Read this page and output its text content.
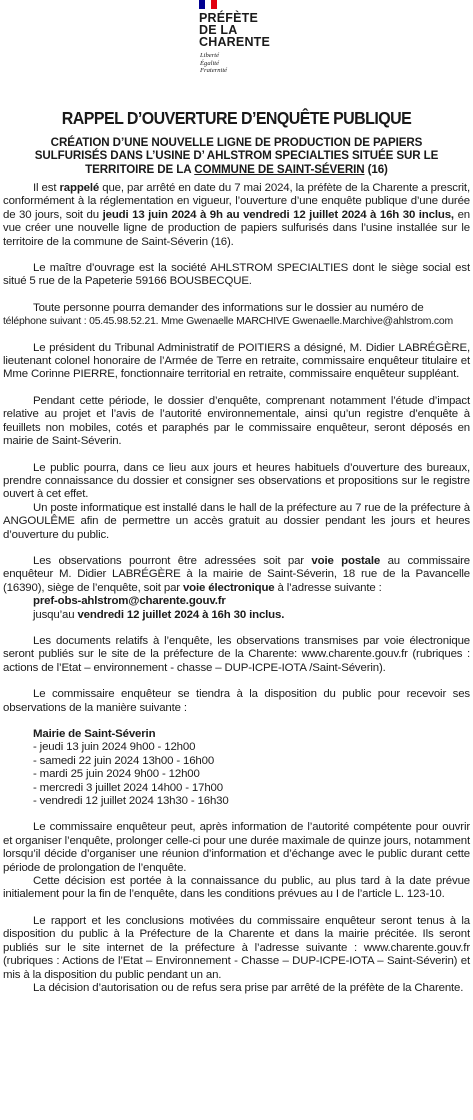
PRÉFÈTE
DE LA
CHARENTE
Liberté
Égalité
Fraternité
RAPPEL D’OUVERTURE D’ENQUÊTE PUBLIQUE

CRÉATION D’UNE NOUVELLE LIGNE DE PRODUCTION DE PAPIERS
SULFURISÉS DANS L’USINE D’ AHLSTROM SPECIALTIES SITUÉE SUR LE
TERRITOIRE DE LA COMMUNE DE SAINT-SÉVERIN (16)

Il est rappelé que, par arrêté en date du 7 mai 2024, la préfète de la Charente a prescrit, conformément à la réglementation en vigueur, l’ouverture d’une enquête publique d’une durée de 30 jours, soit du jeudi 13 juin 2024 à 9h au vendredi 12 juillet 2024 à 16h 30 inclus, en vue créer une nouvelle ligne de production de papiers sulfurisés dans l’usine installée sur le territoire de la commune de Saint-Séverin (16).

Le maître d’ouvrage est la société AHLSTROM SPECIALTIES dont le siège social est situé 5 rue de la Papeterie 59166 BOUSBECQUE.

Toute personne pourra demander des informations sur le dossier au numéro de
téléphone suivant : 05.45.98.52.21. Mme Gwenaelle MARCHIVE Gwenaelle.Marchive@ahlstrom.com

Le président du Tribunal Administratif de POITIERS a désigné, M. Didier LABRÉGÈRE, lieutenant colonel honoraire de l’Armée de Terre en retraite, commissaire enquêteur titulaire et Mme Corinne PIERRE, fonctionnaire territorial en retraite, commissaire enquêteur suppléant.

Pendant cette période, le dossier d’enquête, comprenant notamment l’étude d’impact relative au projet et l’avis de l’autorité environnementale, ainsi qu’un registre d’enquête à feuillets non mobiles, cotés et paraphés par le commissaire enquêteur, seront déposés en mairie de Saint-Séverin.

Le public pourra, dans ce lieu aux jours et heures habituels d’ouverture des bureaux, prendre connaissance du dossier et consigner ses observations et propositions sur le registre ouvert à cet effet.

Un poste informatique est installé dans le hall de la préfecture au 7 rue de la préfecture à ANGOULÊME afin de permettre un accès gratuit au dossier pendant les jours et heures d’ouverture du public.

Les observations pourront être adressées soit par voie postale au commissaire enquêteur M. Didier LABRÉGÈRE à la mairie de Saint-Séverin, 18 rue de la Pavancelle (16390), siège de l’enquête, soit par voie électronique à l’adresse suivante :

pref-obs-ahlstrom@charente.gouv.fr

jusqu’au vendredi 12 juillet 2024 à 16h 30 inclus.

Les documents relatifs à l’enquête, les observations transmises par voie électronique seront publiés sur le site de la préfecture de la Charente: www.charente.gouv.fr (rubriques : actions de l’Etat – environnement - chasse – DUP-ICPE-IOTA /Saint-Séverin).

Le commissaire enquêteur se tiendra à la disposition du public pour recevoir ses observations de la manière suivante :

Mairie de Saint-Séverin

- jeudi 13 juin 2024 9h00 - 12h00
- samedi 22 juin 2024 13h00 - 16h00
- mardi 25 juin 2024 9h00 - 12h00
- mercredi 3 juillet 2024 14h00 - 17h00
- vendredi 12 juillet 2024 13h30 - 16h30

Le commissaire enquêteur peut, après information de l’autorité compétente pour ouvrir et organiser l’enquête, prolonger celle-ci pour une durée maximale de quinze jours, notamment lorsqu’il décide d’organiser une réunion d’information et d’échange avec le public durant cette période de prolongation de l’enquête.

Cette décision est portée à la connaissance du public, au plus tard à la date prévue initialement pour la fin de l’enquête, dans les conditions prévues au I de l’article L. 123-10.

Le rapport et les conclusions motivées du commissaire enquêteur seront tenus à la disposition du public à la Préfecture de la Charente et dans la mairie précitée. Ils seront publiés sur le site internet de la préfecture à l’adresse suivante : www.charente.gouv.fr (rubriques : Actions de l’Etat – Environnement - Chasse – DUP-ICPE-IOTA – Saint-Séverin) et mis à la disposition du public pendant un an.

La décision d’autorisation ou de refus sera prise par arrêté de la préfète de la Charente.
